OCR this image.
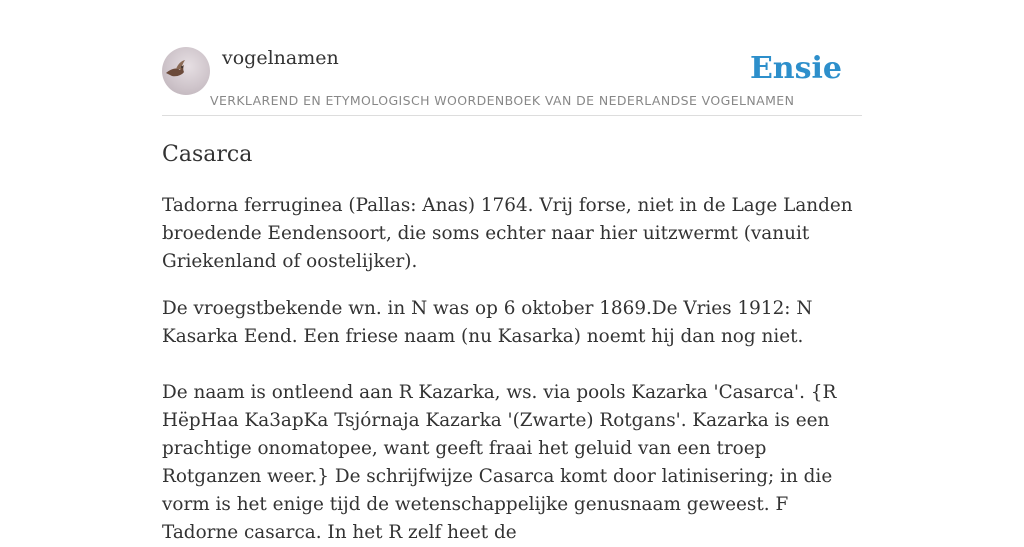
vogelnamen
VERKLAREND EN ETYMOLOGISCH WOORDENBOEK VAN DE NEDERLANDSE VOGELNAMEN
Ensie
Casarca

Tadorna ferruginea (Pallas: Anas) 1764. Vrij forse, niet in de Lage Landen broedende Eendensoort, die soms echter naar hier uitzwermt (vanuit Griekenland of oostelijker).

De vroegstbekende wn. in N was op 6 oktober 1869.De Vries 1912: N Kasarka Eend. Een friese naam (nu Kasarka) noemt hij dan nog niet.

De naam is ontleend aan R Kazarka, ws. via pools Kazarka 'Casarca'. {R НёрHaa Ka3apKa Tsjórnaja Kazarka '(Zwarte) Rotgans'. Kazarka is een prachtige onomatopee, want geeft fraai het geluid van een troep Rotganzen weer.} De schrijfwijze Casarca komt door latinisering; in die vorm is het enige tijd de wetenschappelijke genusnaam geweest. F Tadorne casarca. In het R zelf heet de
